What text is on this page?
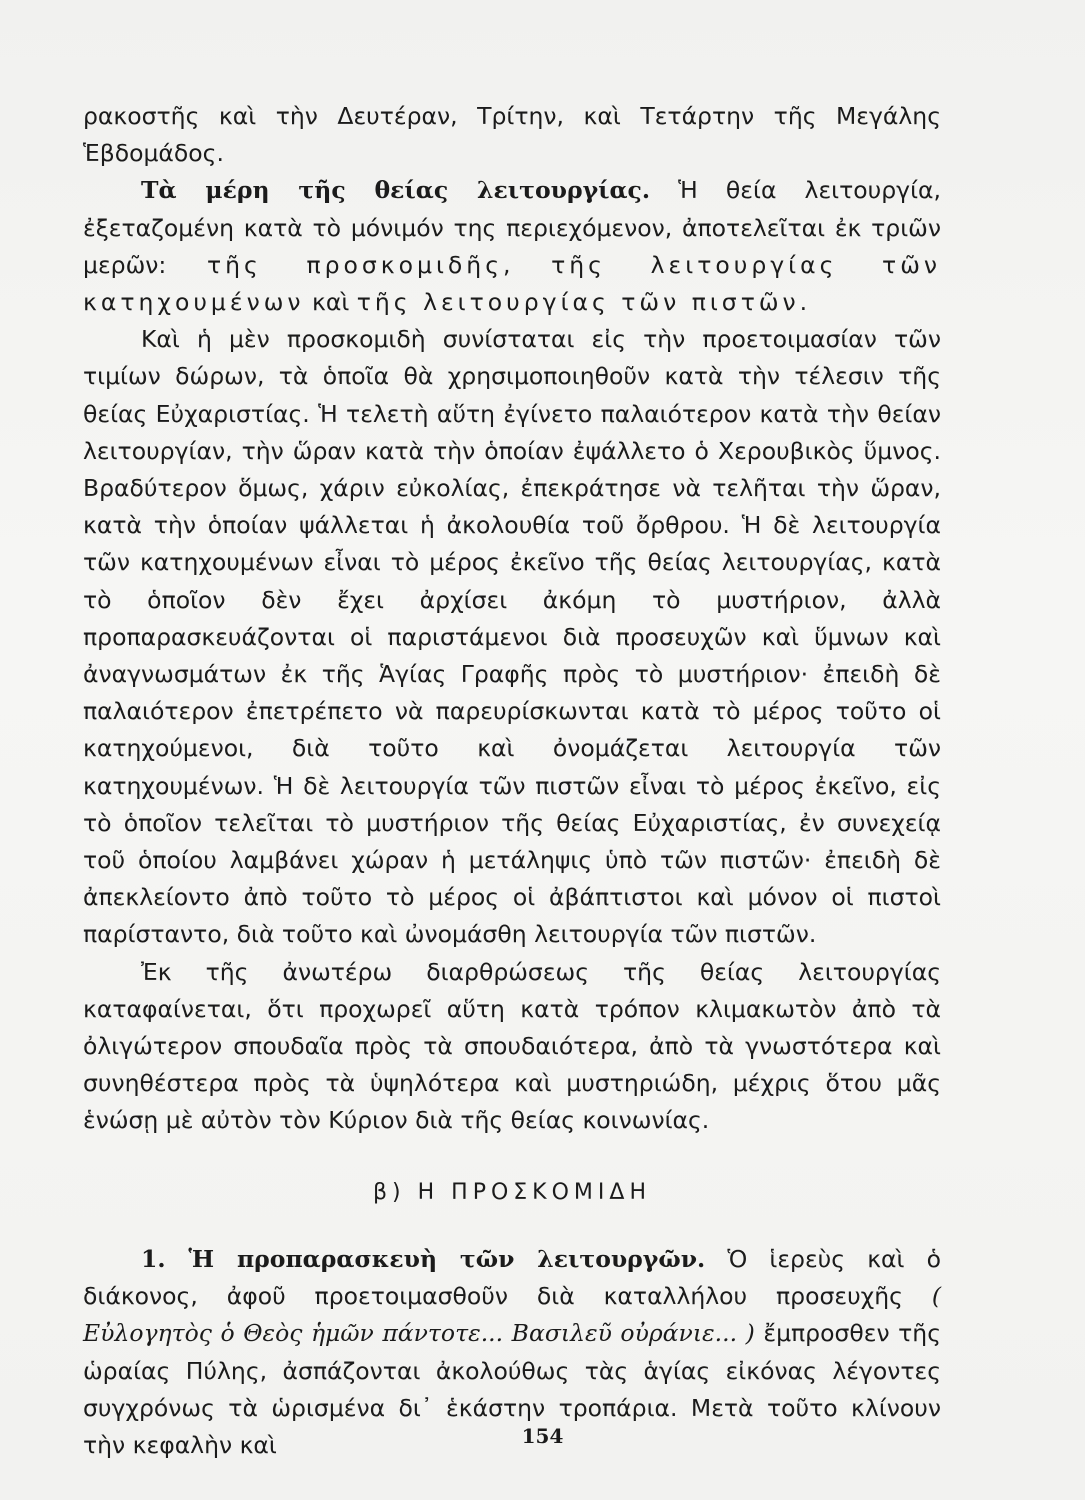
ρακοστῆς καὶ τὴν Δευτέραν, Τρίτην, καὶ Τετάρτην τῆς Μεγάλης Ἑβδομάδος.

Τὰ μέρη τῆς θείας λειτουργίας. Ἡ θεία λειτουργία, ἐξεταζομένη κατὰ τὸ μόνιμόν της περιεχόμενον, ἀποτελεῖται ἐκ τριῶν μερῶν: τῆς προσκομιδῆς, τῆς λειτουργίας τῶν κατηχουμένων καὶ τῆς λειτουργίας τῶν πιστῶν.

Καὶ ἡ μὲν προσκομιδὴ συνίσταται εἰς τὴν προετοιμασίαν τῶν τιμίων δώρων, τὰ ὁποῖα θὰ χρησιμοποιηθοῦν κατὰ τὴν τέλεσιν τῆς θείας Εὐχαριστίας. Ἡ τελετὴ αὕτη ἐγίνετο παλαιότερον κατὰ τὴν θείαν λειτουργίαν, τὴν ὥραν κατὰ τὴν ὁποίαν ἐψάλλετο ὁ Χερουβικὸς ὕμνος. Βραδύτερον ὅμως, χάριν εὐκολίας, ἐπεκράτησε νὰ τελῆται τὴν ὥραν, κατὰ τὴν ὁποίαν ψάλλεται ἡ ἀκολουθία τοῦ ὄρθρου. Ἡ δὲ λειτουργία τῶν κατηχουμένων εἶναι τὸ μέρος ἐκεῖνο τῆς θείας λειτουργίας, κατὰ τὸ ὁποῖον δὲν ἔχει ἀρχίσει ἀκόμη τὸ μυστήριον, ἀλλὰ προπαρασκευάζονται οἱ παριστάμενοι διὰ προσευχῶν καὶ ὕμνων καὶ ἀναγνωσμάτων ἐκ τῆς Ἁγίας Γραφῆς πρὸς τὸ μυστήριον· ἐπειδὴ δὲ παλαιότερον ἐπετρέπετο νὰ παρευρίσκωνται κατὰ τὸ μέρος τοῦτο οἱ κατηχούμενοι, διὰ τοῦτο καὶ ὀνομάζεται λειτουργία τῶν κατηχουμένων. Ἡ δὲ λειτουργία τῶν πιστῶν εἶναι τὸ μέρος ἐκεῖνο, εἰς τὸ ὁποῖον τελεῖται τὸ μυστήριον τῆς θείας Εὐχαριστίας, ἐν συνεχείᾳ τοῦ ὁποίου λαμβάνει χώραν ἡ μετάληψις ὑπὸ τῶν πιστῶν· ἐπειδὴ δὲ ἀπεκλείοντο ἀπὸ τοῦτο τὸ μέρος οἱ ἀβάπτιστοι καὶ μόνον οἱ πιστοὶ παρίσταντο, διὰ τοῦτο καὶ ὠνομάσθη λειτουργία τῶν πιστῶν.

Ἐκ τῆς ἀνωτέρω διαρθρώσεως τῆς θείας λειτουργίας καταφαίνεται, ὅτι προχωρεῖ αὕτη κατὰ τρόπον κλιμακωτὸν ἀπὸ τὰ ὀλιγώτερον σπουδαῖα πρὸς τὰ σπουδαιότερα, ἀπὸ τὰ γνωστότερα καὶ συνηθέστερα πρὸς τὰ ὑψηλότερα καὶ μυστηριώδη, μέχρις ὅτου μᾶς ἑνώσῃ μὲ αὐτὸν τὸν Κύριον διὰ τῆς θείας κοινωνίας.

β) Η ΠΡΟΣΚΟΜΙΔΗ

1. Ἡ προπαρασκευὴ τῶν λειτουργῶν. Ὁ ἱερεὺς καὶ ὁ διάκονος, ἀφοῦ προετοιμασθοῦν διὰ καταλλήλου προσευχῆς ( Εὐλογητὸς ὁ Θεὸς ἡμῶν πάντοτε... Βασιλεῦ οὐράνιε... ) ἔμπροσθεν τῆς ὡραίας Πύλης, ἀσπάζονται ἀκολούθως τὰς ἁγίας εἰκόνας λέγοντες συγχρόνως τὰ ὡρισμένα δι᾽ ἑκάστην τροπάρια. Μετὰ τοῦτο κλίνουν τὴν κεφαλὴν καὶ	154
